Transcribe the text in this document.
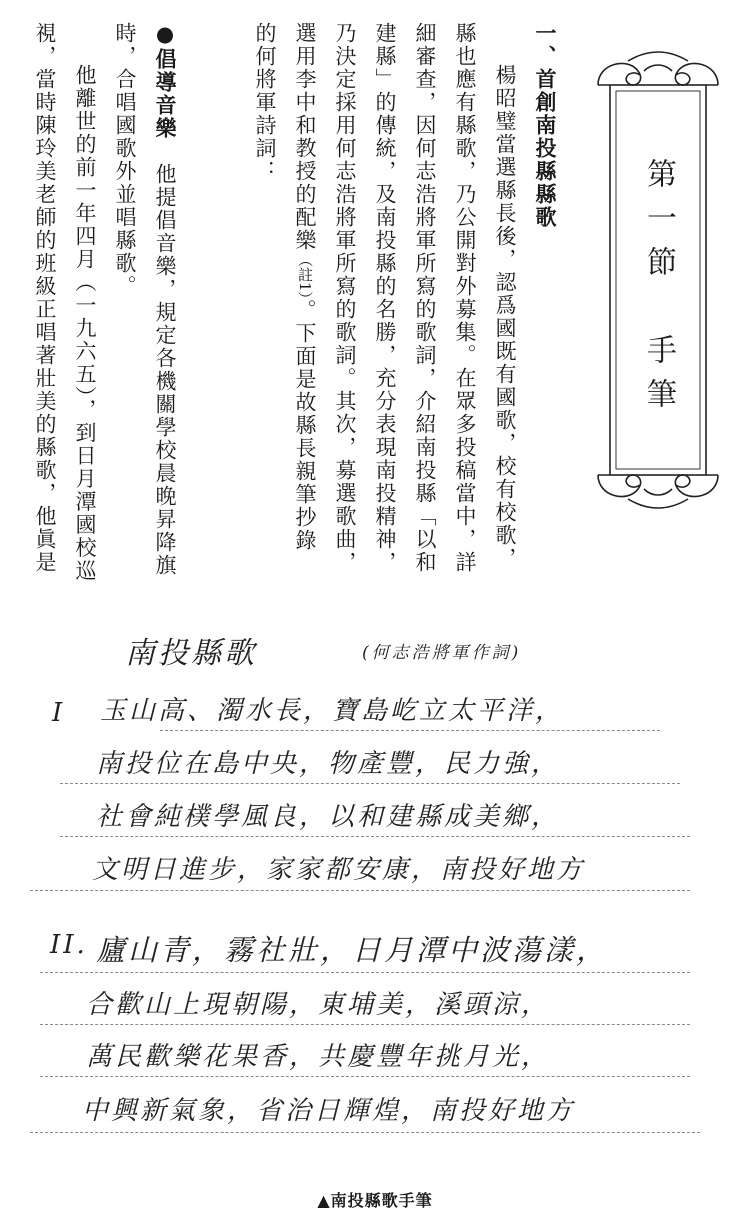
一、首創南投縣縣歌

楊昭璧當選縣長後，認爲國既有國歌，校有校歌，

縣也應有縣歌，乃公開對外募集。在眾多投稿當中，詳

細審查，因何志浩將軍所寫的歌詞，介紹南投縣「以和

建縣」的傳統，及南投縣的名勝，充分表現南投精神，

乃決定採用何志浩將軍所寫的歌詞。其次，募選歌曲，

選用李中和教授的配樂（註1）。下面是故縣長親筆抄錄

的何將軍詩詞：

●倡導音樂　他提倡音樂，規定各機關學校晨晚昇降旗

時，合唱國歌外並唱縣歌。

他離世的前一年四月（一九六五），到日月潭國校巡

視，當時陳玲美老師的班級正唱著壯美的縣歌，他眞是	第一節　手筆
南投縣歌	(何志浩將軍作詞)
I 玉山高、濁水長，寶島屹立太平洋，
南投位在島中央，物產豐，民力強，
社會純樸學風良，以和建縣成美鄉，
文明日進步，家家都安康，南投好地方
II. 廬山青，霧社壯，日月潭中波蕩漾，
合歡山上現朝陽，東埔美，溪頭涼，
萬民歡樂花果香，共慶豐年挑月光，
中興新氣象，省治日輝煌，南投好地方
▲南投縣歌手筆
